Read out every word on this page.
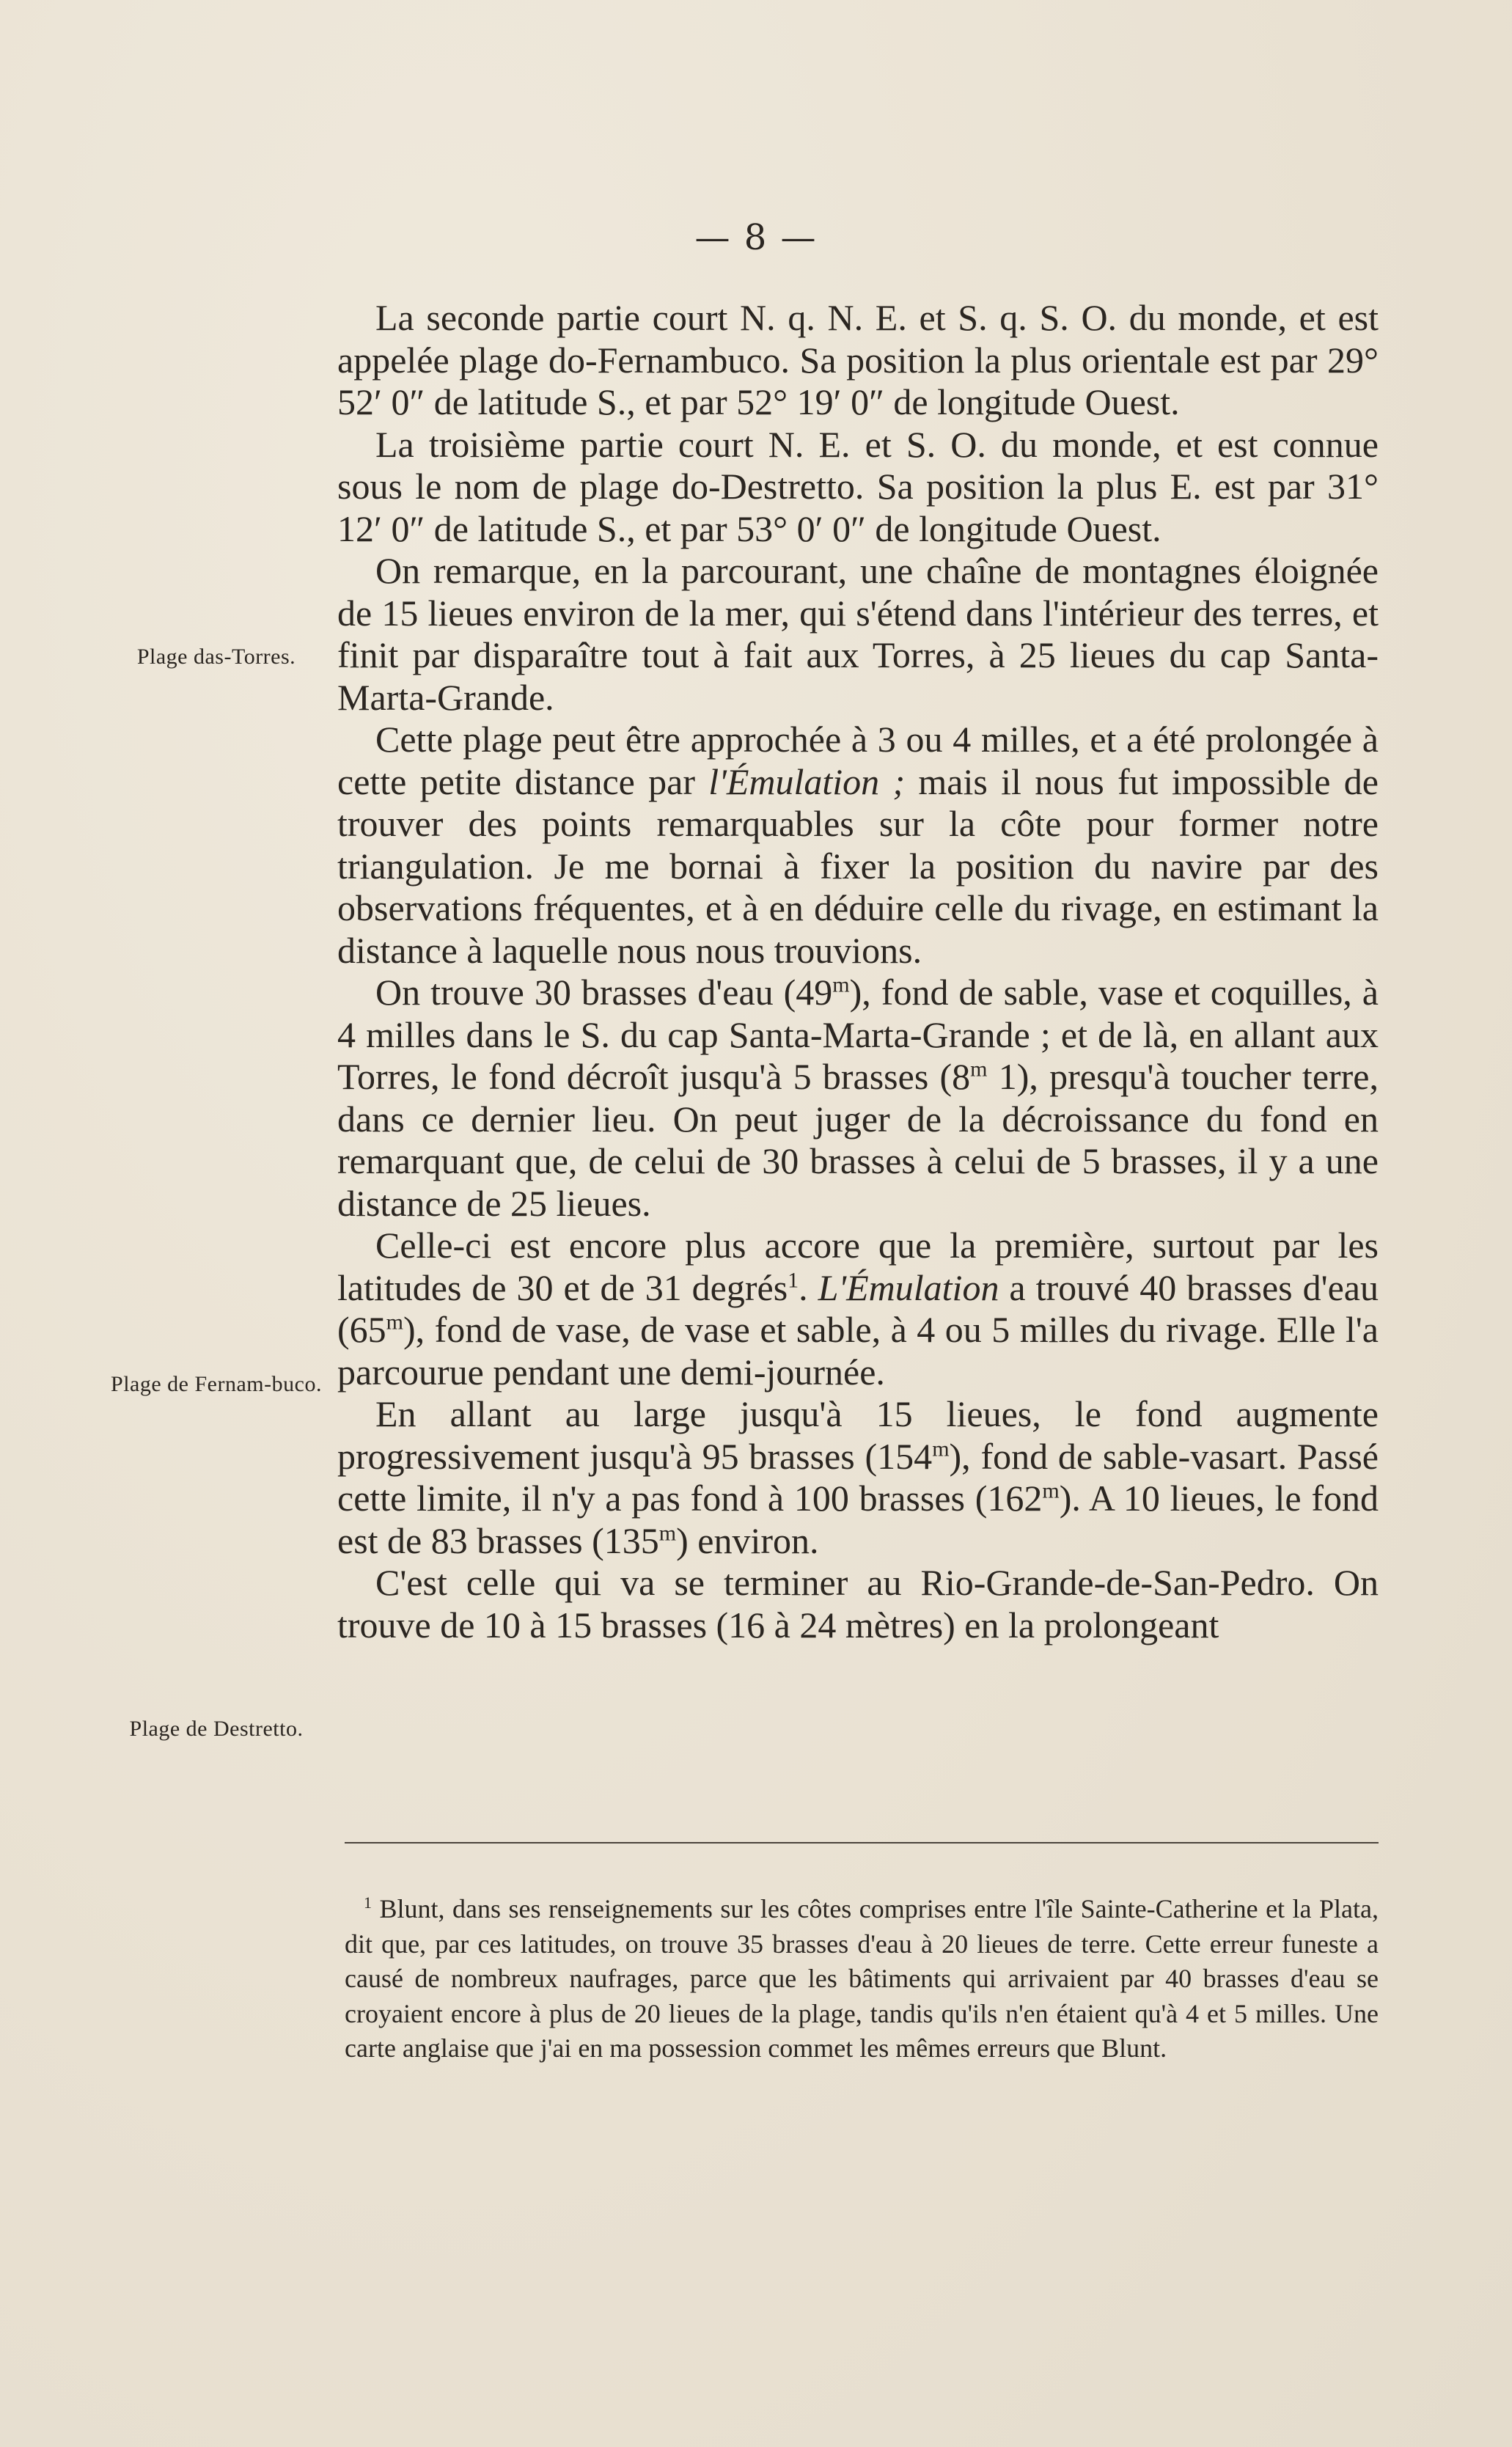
— 8 —
Plage das-Torres.
Plage de Fernam-buco.
Plage de Destretto.

La seconde partie court N. q. N. E. et S. q. S. O. du monde, et est appelée plage do-Fernambuco. Sa position la plus orientale est par 29° 52′ 0″ de latitude S., et par 52° 19′ 0″ de longitude Ouest.

La troisième partie court N. E. et S. O. du monde, et est connue sous le nom de plage do-Destretto. Sa position la plus E. est par 31° 12′ 0″ de latitude S., et par 53° 0′ 0″ de longitude Ouest.

On remarque, en la parcourant, une chaîne de montagnes éloignée de 15 lieues environ de la mer, qui s'étend dans l'intérieur des terres, et finit par disparaître tout à fait aux Torres, à 25 lieues du cap Santa-Marta-Grande.

Cette plage peut être approchée à 3 ou 4 milles, et a été prolongée à cette petite distance par l'Émulation ; mais il nous fut impossible de trouver des points remarquables sur la côte pour former notre triangulation. Je me bornai à fixer la position du navire par des observations fréquentes, et à en déduire celle du rivage, en estimant la distance à laquelle nous nous trouvions.

On trouve 30 brasses d'eau (49$^m$), fond de sable, vase et coquilles, à 4 milles dans le S. du cap Santa-Marta-Grande ; et de là, en allant aux Torres, le fond décroît jusqu'à 5 brasses (8$^m$ 1), presqu'à toucher terre, dans ce dernier lieu. On peut juger de la décroissance du fond en remarquant que, de celui de 30 brasses à celui de 5 brasses, il y a une distance de 25 lieues.

Celle-ci est encore plus accore que la première, surtout par les latitudes de 30 et de 31 degrés$^1$. L'Émulation a trouvé 40 brasses d'eau (65$^m$), fond de vase, de vase et sable, à 4 ou 5 milles du rivage. Elle l'a parcourue pendant une demi-journée.

En allant au large jusqu'à 15 lieues, le fond augmente progressivement jusqu'à 95 brasses (154$^m$), fond de sable-vasart. Passé cette limite, il n'y a pas fond à 100 brasses (162$^m$). A 10 lieues, le fond est de 83 brasses (135$^m$) environ.

C'est celle qui va se terminer au Rio-Grande-de-San-Pedro. On trouve de 10 à 15 brasses (16 à 24 mètres) en la prolongeant

$^1$ Blunt, dans ses renseignements sur les côtes comprises entre l'île Sainte-Catherine et la Plata, dit que, par ces latitudes, on trouve 35 brasses d'eau à 20 lieues de terre. Cette erreur funeste a causé de nombreux naufrages, parce que les bâtiments qui arrivaient par 40 brasses d'eau se croyaient encore à plus de 20 lieues de la plage, tandis qu'ils n'en étaient qu'à 4 et 5 milles. Une carte anglaise que j'ai en ma possession commet les mêmes erreurs que Blunt.
